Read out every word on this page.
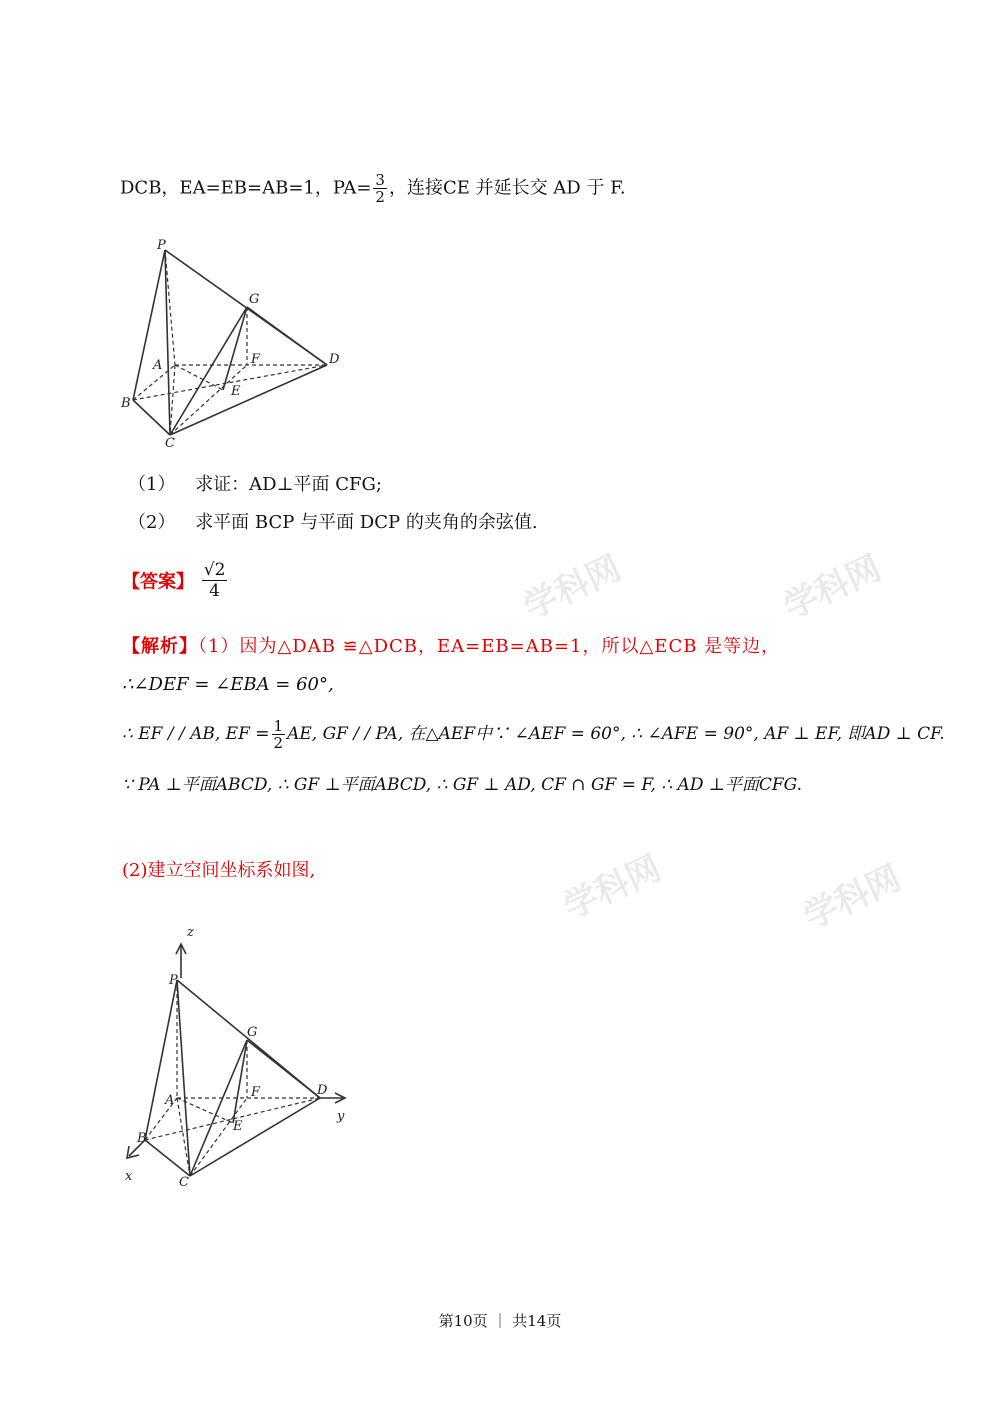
学科网	学科网
学科网	学科网
DCB，EA=EB=AB=1，$PA= \frac{3}{2}$ ，连接CE 并延长交 AD 于 F.
P
G
A	F	D
B
E
C
（1） 求证：AD⊥平面 CFG;
（2） 求平面 BCP 与平面 DCP 的夹角的余弦值.
【答案】 $\frac{√2}{4}$
【解析】（1）因为△DAB ≌△DCB，EA=EB=AB=1，所以△ECB 是等边，
∴∠DEF = ∠EBA = 60°,
∴ EF / / AB, EF = $\frac{1}{2}$ AE, GF / / PA, 在△AEF中∵ ∠AEF = 60°, ∴ ∠AFE = 90°, AF ⊥ EF, 即AD ⊥ CF.
∵ PA ⊥平面ABCD, ∴ GF ⊥平面ABCD, ∴ GF ⊥ AD, CF ∩ GF = F, ∴ AD ⊥平面CFG.
(2)建立空间坐标系如图,
z
P
G
A
F	D
y
B
E
x	C
第10页 ｜ 共14页
